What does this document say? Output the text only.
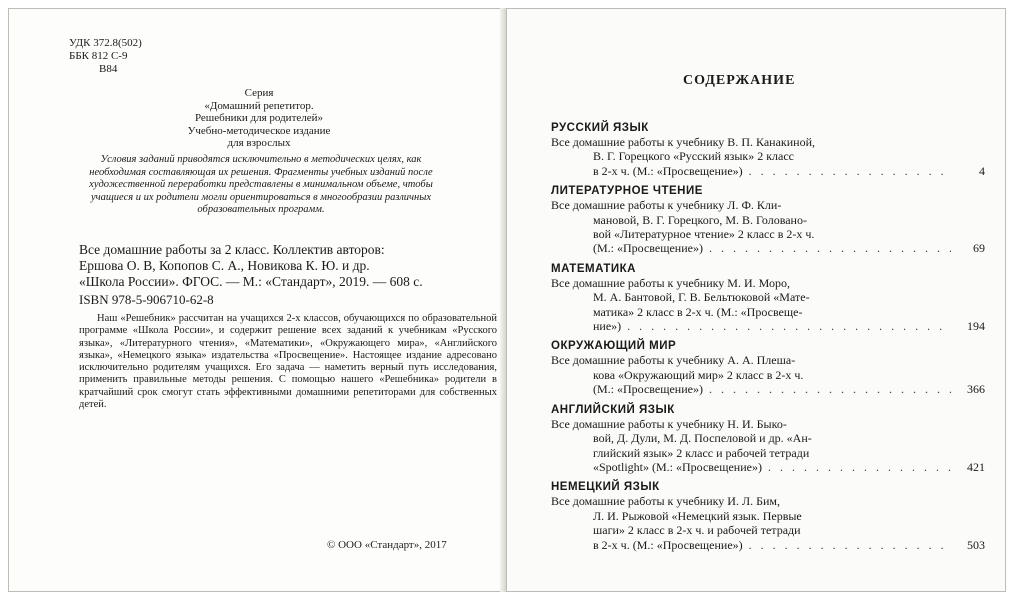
УДК 372.8(502)
ББК 812 С-9
В84
Серия
«Домашний репетитор.
Решебники для родителей»
Учебно-методическое издание
для взрослых
Условия заданий приводятся исключительно в методических целях, как необходимая составляющая их решения. Фрагменты учебных изданий после художественной переработки представлены в минимальном объеме, чтобы учащиеся и их родители могли ориентироваться в многообразии различных образовательных программ.
Все домашние работы за 2 класс. Коллектив авторов:
Ершова О. В, Копопов С. А., Новикова К. Ю. и др.
«Школа России». ФГОС. — М.: «Стандарт», 2019. — 608 с.
ISBN 978-5-906710-62-8
Наш «Решебник» рассчитан на учащихся 2-х классов, обучающихся по образовательной программе «Школа России», и содержит решение всех заданий к учебникам «Русского языка», «Литературного чтения», «Математики», «Окружающего мира», «Английского языка», «Немецкого языка» издательства «Просвещение». Настоящее издание адресовано исключительно родителям учащихся. Его задача — наметить верный путь исследования, применить правильные методы решения. С помощью нашего «Решебника» родители в кратчайший срок смогут стать эффективными домашними репетиторами для собственных детей.
© ООО «Стандарт», 2017
СОДЕРЖАНИЕ
РУССКИЙ ЯЗЫК
Все домашние работы к учебнику В. П. Канакиной,
В. Г. Горецкого «Русский язык» 2 класс
в 2-х ч. (М.: «Просвещение») . . .	4
ЛИТЕРАТУРНОЕ ЧТЕНИЕ
Все домашние работы к учебнику Л. Ф. Кли-
мановой, В. Г. Горецкого, М. В. Голованo-
вой «Литературное чтение» 2 класс в 2-х ч.
(М.: «Просвещение») . . .	69
МАТЕМАТИКА
Все домашние работы к учебнику М. И. Моро,
М. А. Бантовой, Г. В. Бельтюковой «Мате-
матика» 2 класс в 2-х ч. (М.: «Просвеще-
ние») . . .	194
ОКРУЖАЮЩИЙ МИР
Все домашние работы к учебнику А. А. Плеша-
кова «Окружающий мир» 2 класс в 2-х ч.
(М.: «Просвещение») . . .	366
АНГЛИЙСКИЙ ЯЗЫК
Все домашние работы к учебнику Н. И. Быко-
вой, Д. Дули, М. Д. Поспеловой и др. «Ан-
глийский язык» 2 класс и рабочей тетради
«Spotlight» (М.: «Просвещение») . . .	421
НЕМЕЦКИЙ ЯЗЫК
Все домашние работы к учебнику И. Л. Бим,
Л. И. Рыжовой «Немецкий язык. Первые
шаги» 2 класс в 2-х ч. и рабочей тетради
в 2-х ч. (М.: «Просвещение») . . .	503
